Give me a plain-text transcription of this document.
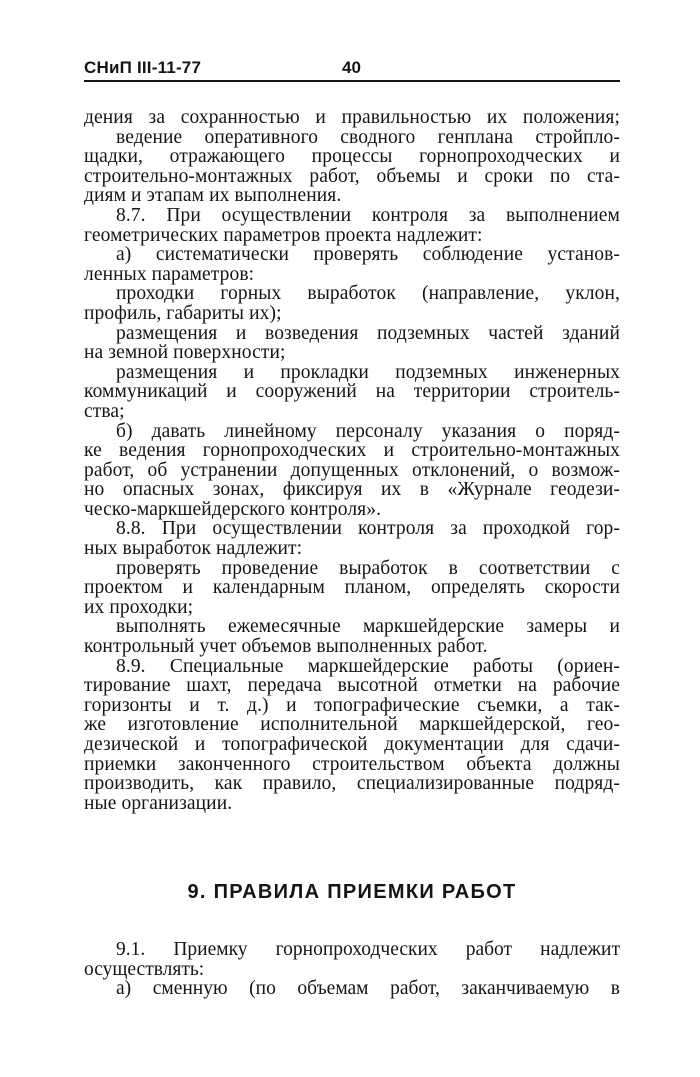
СНиП III-11-77	40
дения за сохранностью и правильностью их положения;
ведение оперативного сводного генплана стройпло-
щадки, отражающего процессы горнопроходческих и
строительно-монтажных работ, объемы и сроки по ста-
диям и этапам их выполнения.
8.7. При осуществлении контроля за выполнением
геометрических параметров проекта надлежит:
а) систематически проверять соблюдение установ-
ленных параметров:
проходки горных выработок (направление, уклон,
профиль, габариты их);
размещения и возведения подземных частей зданий
на земной поверхности;
размещения и прокладки подземных инженерных
коммуникаций и сооружений на территории строитель-
ства;
б) давать линейному персоналу указания о поряд-
ке ведения горнопроходческих и строительно-монтажных
работ, об устранении допущенных отклонений, о возмож-
но опасных зонах, фиксируя их в «Журнале геодези-
ческо-маркшейдерского контроля».
8.8. При осуществлении контроля за проходкой гор-
ных выработок надлежит:
проверять проведение выработок в соответствии с
проектом и календарным планом, определять скорости
их проходки;
выполнять ежемесячные маркшейдерские замеры и
контрольный учет объемов выполненных работ.
8.9. Специальные маркшейдерские работы (ориен-
тирование шахт, передача высотной отметки на рабочие
горизонты и т. д.) и топографические съемки, а так-
же изготовление исполнительной маркшейдерской, гео-
дезической и топографической документации для сдачи-
приемки законченного строительством объекта должны
производить, как правило, специализированные подряд-
ные организации.
9. ПРАВИЛА ПРИЕМКИ РАБОТ
9.1. Приемку горнопроходческих работ надлежит
осуществлять:
а) сменную (по объемам работ, заканчиваемую в
